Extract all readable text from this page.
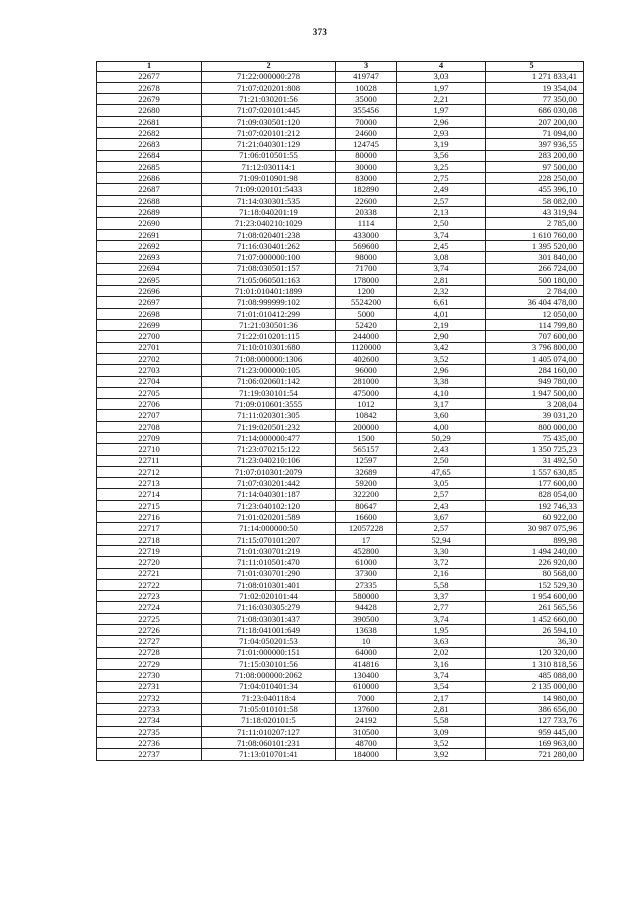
373
1	2	3	4	5
22677	71:22:000000:278	419747	3,03	1 271 833,41
22678	71:07:020201:808	10028	1,97	19 354,04
22679	71:21:030201:56	35000	2,21	77 350,00
22680	71:07:020101:445	355456	1,97	686 030,08
22681	71:09:030501:120	70000	2,96	207 200,00
22682	71:07:020101:212	24600	2,93	71 094,00
22683	71:21:040301:129	124745	3,19	397 936,55
22684	71:06:010501:55	80000	3,56	283 200,00
22685	71:12:030114:1	30000	3,25	97 500,00
22686	71:09:010901:98	83000	2,75	228 250,00
22687	71:09:020101:5433	182890	2,49	455 396,10
22688	71:14:030301:535	22600	2,57	58 082,00
22689	71:18:040201:19	20338	2,13	43 319,94
22690	71:23:040210:1029	1114	2,50	2 785,00
22691	71:08:020401:238	433000	3,74	1 610 760,00
22692	71:16:030401:262	569600	2,45	1 395 520,00
22693	71:07:000000:100	98000	3,08	301 840,00
22694	71:08:030501:157	71700	3,74	266 724,00
22695	71:05:060501:163	178000	2,81	500 180,00
22696	71:01:010401:1899	1200	2,32	2 784,00
22697	71:08:999999:102	5524200	6,61	36 404 478,00
22698	71:01:010412:299	5000	4,01	12 050,00
22699	71:21:030501:36	52420	2,19	114 799,80
22700	71:22:010201:115	244000	2,90	707 600,00
22701	71:10:010301:680	1120000	3,42	3 796 800,00
22702	71:08:000000:1306	402600	3,52	1 405 074,00
22703	71:23:000000:105	96000	2,96	284 160,00
22704	71:06:020601:142	281000	3,38	949 780,00
22705	71:19:030101:54	475000	4,10	1 947 500,00
22706	71:09:010601:3555	1012	3,17	3 208,04
22707	71:11:020301:305	10842	3,60	39 031,20
22708	71:19:020501:232	200000	4,00	800 000,00
22709	71:14:000000:477	1500	50,29	75 435,00
22710	71:23:070215:122	565157	2,43	1 350 725,23
22711	71:23:040210:106	12597	2,50	31 492,50
22712	71:07:010301:2079	32689	47,65	1 557 630,85
22713	71:07:030201:442	59200	3,05	177 600,00
22714	71:14:040301:187	322200	2,57	828 054,00
22715	71:23:040102:120	80647	2,43	192 746,33
22716	71:01:020201:589	16600	3,67	60 922,00
22717	71:14:000000:50	12057228	2,57	30 987 075,96
22718	71:15:070101:207	17	52,94	899,98
22719	71:01:030701:219	452800	3,30	1 494 240,00
22720	71:11:010501:470	61000	3,72	226 920,00
22721	71:01:030701:290	37300	2,16	80 568,00
22722	71:08:010301:401	27335	5,58	152 529,30
22723	71:02:020101:44	580000	3,37	1 954 600,00
22724	71:16:030305:279	94428	2,77	261 565,56
22725	71:08:030301:437	390500	3,74	1 452 660,00
22726	71:18:041001:649	13638	1,95	26 594,10
22727	71:04:050201:53	10	3,63	36,30
22728	71:01:000000:151	64000	2,02	120 320,00
22729	71:15:030101:56	414816	3,16	1 310 818,56
22730	71:08:000000:2062	130400	3,74	485 088,00
22731	71:04:010401:34	610000	3,54	2 135 000,00
22732	71:23:040118:4	7000	2,17	14 980,00
22733	71:05:010101:58	137600	2,81	386 656,00
22734	71:18:020101:5	24192	5,58	127 733,76
22735	71:11:010207:127	310500	3,09	959 445,00
22736	71:08:060101:231	48700	3,52	169 963,00
22737	71:13:010701:41	184000	3,92	721 280,00
